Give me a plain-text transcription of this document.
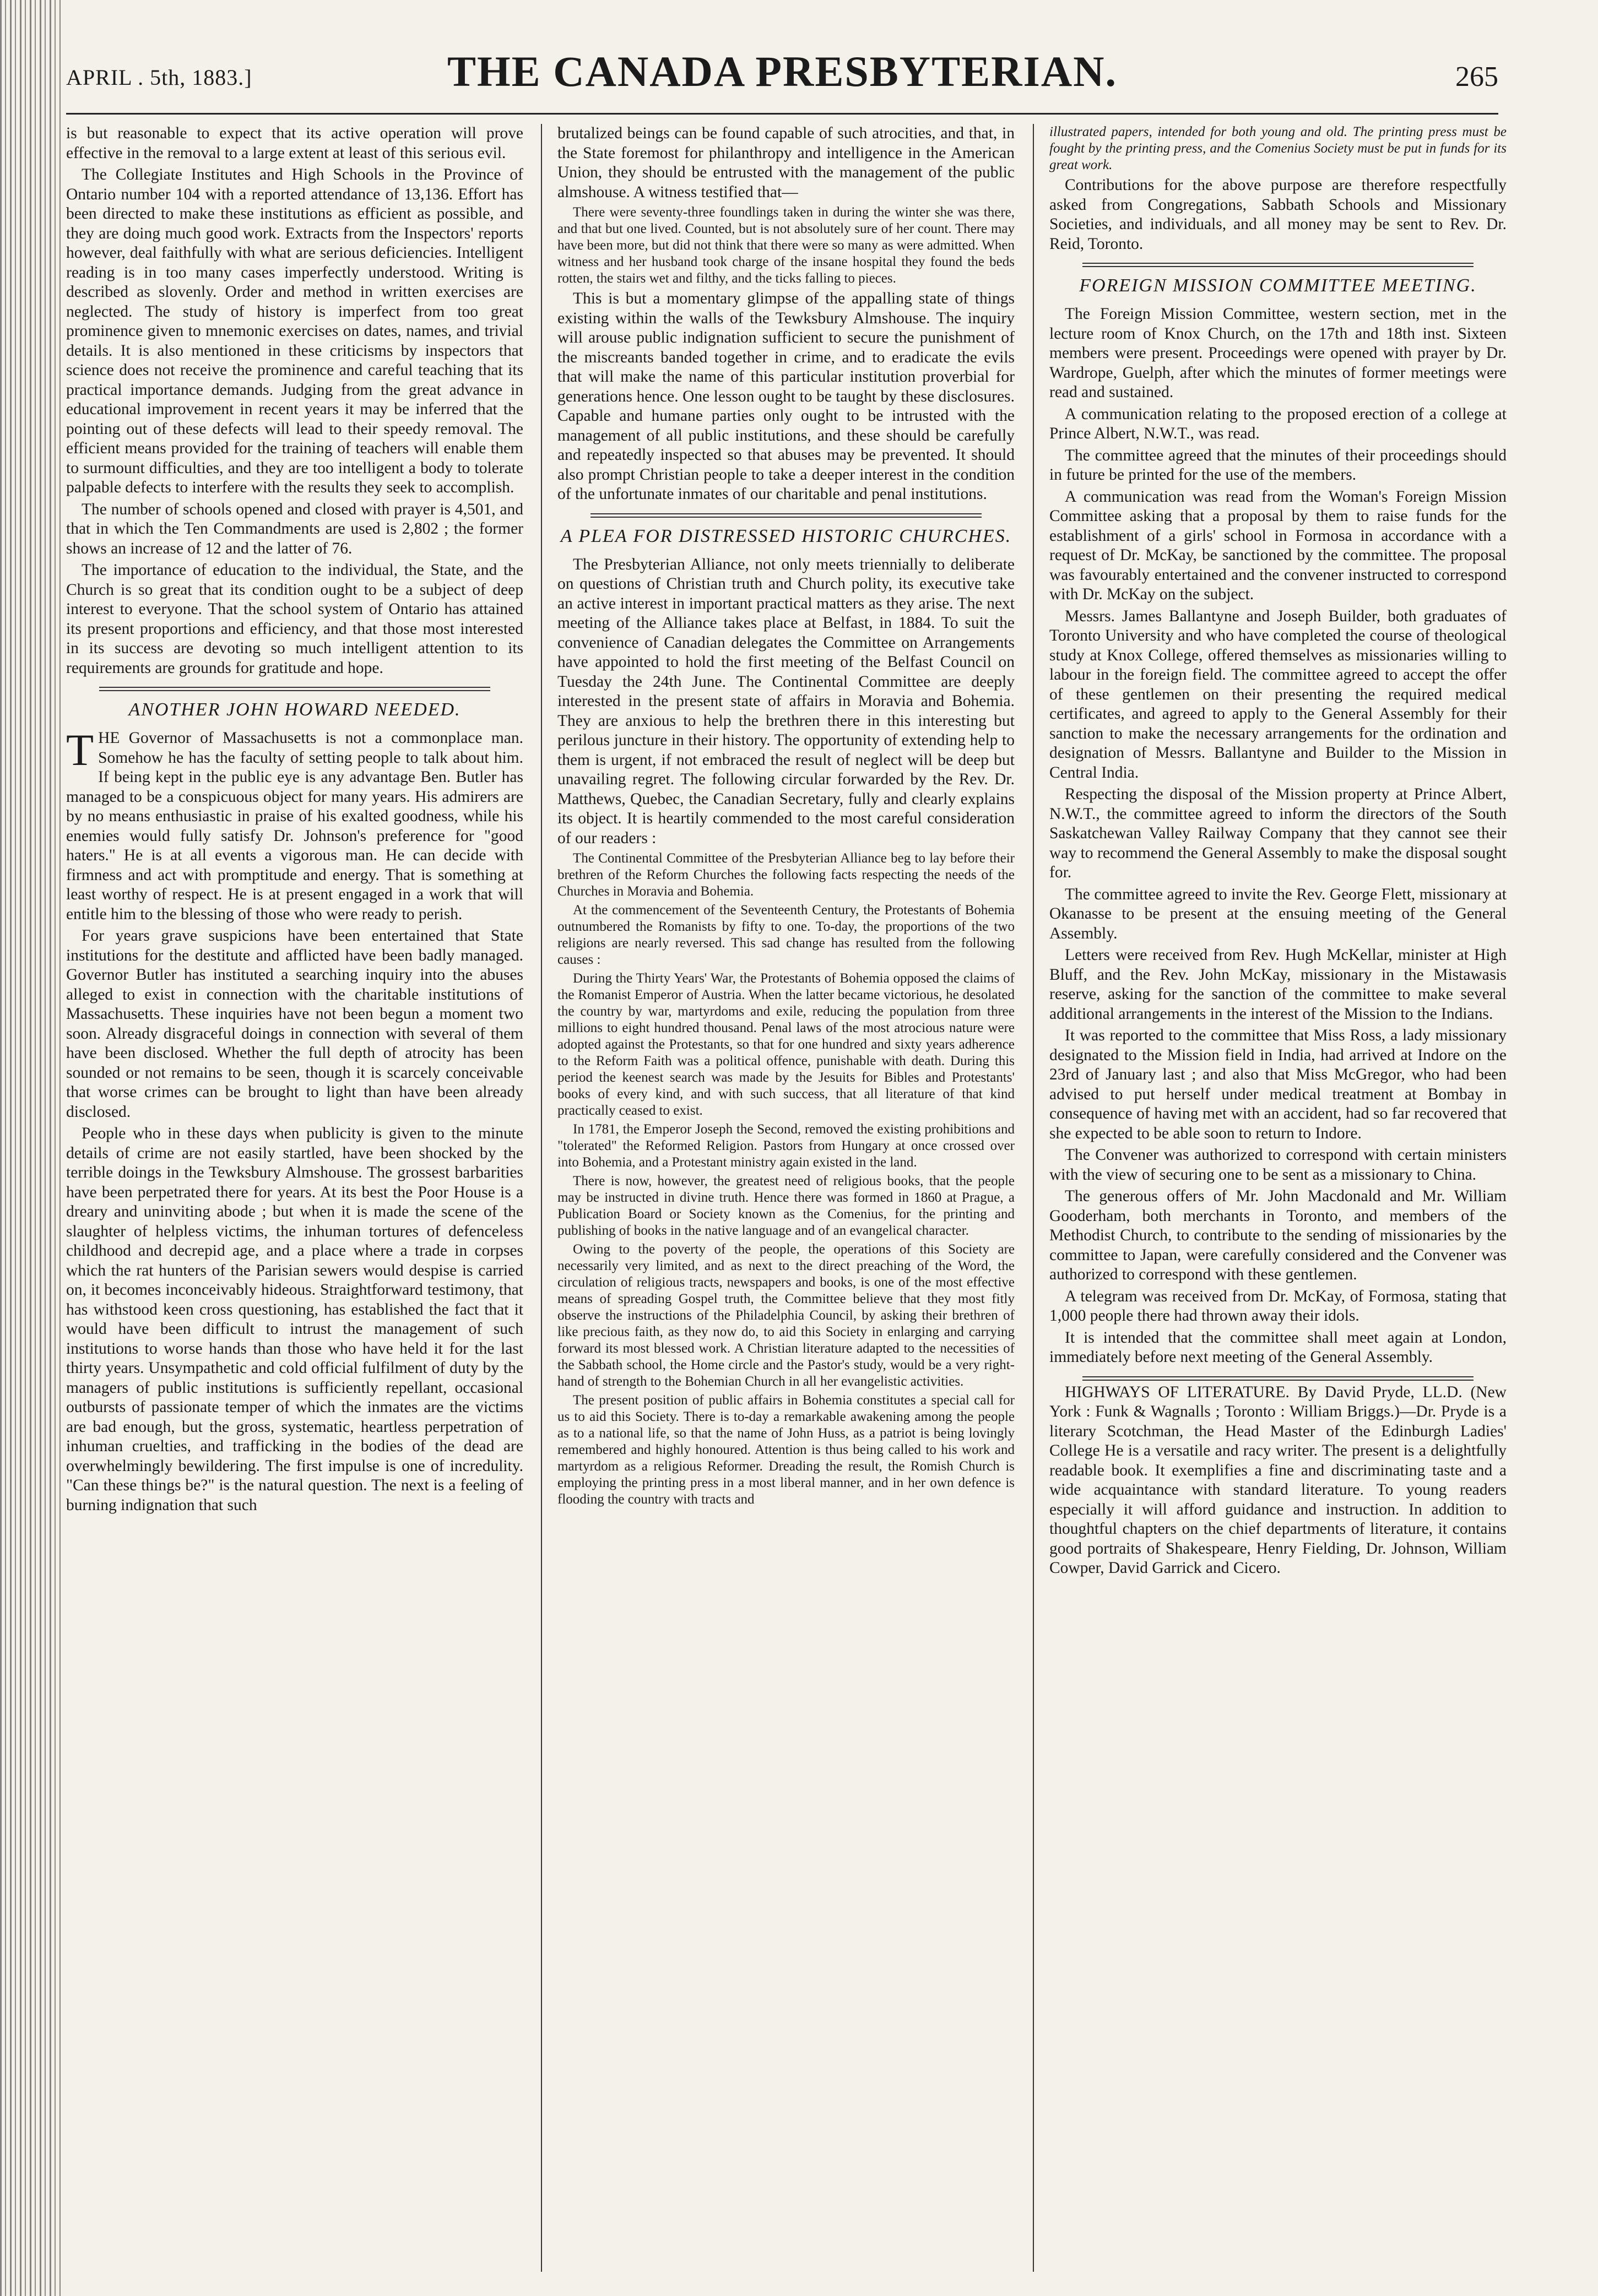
APRIL . 5th, 1883.]	THE CANADA PRESBYTERIAN.	265

is but reasonable to expect that its active operation will prove effective in the removal to a large extent at least of this serious evil.

The Collegiate Institutes and High Schools in the Province of Ontario number 104 with a reported attendance of 13,136. Effort has been directed to make these institutions as efficient as possible, and they are doing much good work. Extracts from the Inspectors' reports however, deal faithfully with what are serious deficiencies. Intelligent reading is in too many cases imperfectly understood. Writing is described as slovenly. Order and method in written exercises are neglected. The study of history is imperfect from too great prominence given to mnemonic exercises on dates, names, and trivial details. It is also mentioned in these criticisms by inspectors that science does not receive the prominence and careful teaching that its practical importance demands. Judging from the great advance in educational improvement in recent years it may be inferred that the pointing out of these defects will lead to their speedy removal. The efficient means provided for the training of teachers will enable them to surmount difficulties, and they are too intelligent a body to tolerate palpable defects to interfere with the results they seek to accomplish.

The number of schools opened and closed with prayer is 4,501, and that in which the Ten Commandments are used is 2,802 ; the former shows an increase of 12 and the latter of 76.

The importance of education to the individual, the State, and the Church is so great that its condition ought to be a subject of deep interest to everyone. That the school system of Ontario has attained its present proportions and efficiency, and that those most interested in its success are devoting so much intelligent attention to its requirements are grounds for gratitude and hope.

ANOTHER JOHN HOWARD NEEDED.

THE Governor of Massachusetts is not a commonplace man. Somehow he has the faculty of setting people to talk about him. If being kept in the public eye is any advantage Ben. Butler has managed to be a conspicuous object for many years. His admirers are by no means enthusiastic in praise of his exalted goodness, while his enemies would fully satisfy Dr. Johnson's preference for "good haters." He is at all events a vigorous man. He can decide with firmness and act with promptitude and energy. That is something at least worthy of respect. He is at present engaged in a work that will entitle him to the blessing of those who were ready to perish.

For years grave suspicions have been entertained that State institutions for the destitute and afflicted have been badly managed. Governor Butler has instituted a searching inquiry into the abuses alleged to exist in connection with the charitable institutions of Massachusetts. These inquiries have not been begun a moment two soon. Already disgraceful doings in connection with several of them have been disclosed. Whether the full depth of atrocity has been sounded or not remains to be seen, though it is scarcely conceivable that worse crimes can be brought to light than have been already disclosed.

People who in these days when publicity is given to the minute details of crime are not easily startled, have been shocked by the terrible doings in the Tewksbury Almshouse. The grossest barbarities have been perpetrated there for years. At its best the Poor House is a dreary and uninviting abode ; but when it is made the scene of the slaughter of helpless victims, the inhuman tortures of defenceless childhood and decrepid age, and a place where a trade in corpses which the rat hunters of the Parisian sewers would despise is carried on, it becomes inconceivably hideous. Straightforward testimony, that has withstood keen cross questioning, has established the fact that it would have been difficult to intrust the management of such institutions to worse hands than those who have held it for the last thirty years. Unsympathetic and cold official fulfilment of duty by the managers of public institutions is sufficiently repellant, occasional outbursts of passionate temper of which the inmates are the victims are bad enough, but the gross, systematic, heartless perpetration of inhuman cruelties, and trafficking in the bodies of the dead are overwhelmingly bewildering. The first impulse is one of incredulity. "Can these things be?" is the natural question. The next is a feeling of burning indignation that such

brutalized beings can be found capable of such atrocities, and that, in the State foremost for philanthropy and intelligence in the American Union, they should be entrusted with the management of the public almshouse. A witness testified that—

There were seventy-three foundlings taken in during the winter she was there, and that but one lived. Counted, but is not absolutely sure of her count. There may have been more, but did not think that there were so many as were admitted. When witness and her husband took charge of the insane hospital they found the beds rotten, the stairs wet and filthy, and the ticks falling to pieces.

This is but a momentary glimpse of the appalling state of things existing within the walls of the Tewksbury Almshouse. The inquiry will arouse public indignation sufficient to secure the punishment of the miscreants banded together in crime, and to eradicate the evils that will make the name of this particular institution proverbial for generations hence. One lesson ought to be taught by these disclosures. Capable and humane parties only ought to be intrusted with the management of all public institutions, and these should be carefully and repeatedly inspected so that abuses may be prevented. It should also prompt Christian people to take a deeper interest in the condition of the unfortunate inmates of our charitable and penal institutions.

A PLEA FOR DISTRESSED HISTORIC CHURCHES.

The Presbyterian Alliance, not only meets triennially to deliberate on questions of Christian truth and Church polity, its executive take an active interest in important practical matters as they arise. The next meeting of the Alliance takes place at Belfast, in 1884. To suit the convenience of Canadian delegates the Committee on Arrangements have appointed to hold the first meeting of the Belfast Council on Tuesday the 24th June. The Continental Committee are deeply interested in the present state of affairs in Moravia and Bohemia. They are anxious to help the brethren there in this interesting but perilous juncture in their history. The opportunity of extending help to them is urgent, if not embraced the result of neglect will be deep but unavailing regret. The following circular forwarded by the Rev. Dr. Matthews, Quebec, the Canadian Secretary, fully and clearly explains its object. It is heartily commended to the most careful consideration of our readers :

The Continental Committee of the Presbyterian Alliance beg to lay before their brethren of the Reform Churches the following facts respecting the needs of the Churches in Moravia and Bohemia.

At the commencement of the Seventeenth Century, the Protestants of Bohemia outnumbered the Romanists by fifty to one. To-day, the proportions of the two religions are nearly reversed. This sad change has resulted from the following causes :

During the Thirty Years' War, the Protestants of Bohemia opposed the claims of the Romanist Emperor of Austria. When the latter became victorious, he desolated the country by war, martyrdoms and exile, reducing the population from three millions to eight hundred thousand. Penal laws of the most atrocious nature were adopted against the Protestants, so that for one hundred and sixty years adherence to the Reform Faith was a political offence, punishable with death. During this period the keenest search was made by the Jesuits for Bibles and Protestants' books of every kind, and with such success, that all literature of that kind practically ceased to exist.

In 1781, the Emperor Joseph the Second, removed the existing prohibitions and "tolerated" the Reformed Religion. Pastors from Hungary at once crossed over into Bohemia, and a Protestant ministry again existed in the land.

There is now, however, the greatest need of religious books, that the people may be instructed in divine truth. Hence there was formed in 1860 at Prague, a Publication Board or Society known as the Comenius, for the printing and publishing of books in the native language and of an evangelical character.

Owing to the poverty of the people, the operations of this Society are necessarily very limited, and as next to the direct preaching of the Word, the circulation of religious tracts, newspapers and books, is one of the most effective means of spreading Gospel truth, the Committee believe that they most fitly observe the instructions of the Philadelphia Council, by asking their brethren of like precious faith, as they now do, to aid this Society in enlarging and carrying forward its most blessed work. A Christian literature adapted to the necessities of the Sabbath school, the Home circle and the Pastor's study, would be a very right-hand of strength to the Bohemian Church in all her evangelistic activities.

The present position of public affairs in Bohemia constitutes a special call for us to aid this Society. There is to-day a remarkable awakening among the people as to a national life, so that the name of John Huss, as a patriot is being lovingly remembered and highly honoured. Attention is thus being called to his work and martyrdom as a religious Reformer. Dreading the result, the Romish Church is employing the printing press in a most liberal manner, and in her own defence is flooding the country with tracts and

illustrated papers, intended for both young and old. The printing press must be fought by the printing press, and the Comenius Society must be put in funds for its great work.

Contributions for the above purpose are therefore respectfully asked from Congregations, Sabbath Schools and Missionary Societies, and individuals, and all money may be sent to Rev. Dr. Reid, Toronto.

FOREIGN MISSION COMMITTEE MEETING.

The Foreign Mission Committee, western section, met in the lecture room of Knox Church, on the 17th and 18th inst. Sixteen members were present. Proceedings were opened with prayer by Dr. Wardrope, Guelph, after which the minutes of former meetings were read and sustained.

A communication relating to the proposed erection of a college at Prince Albert, N.W.T., was read.

The committee agreed that the minutes of their proceedings should in future be printed for the use of the members.

A communication was read from the Woman's Foreign Mission Committee asking that a proposal by them to raise funds for the establishment of a girls' school in Formosa in accordance with a request of Dr. McKay, be sanctioned by the committee. The proposal was favourably entertained and the convener instructed to correspond with Dr. McKay on the subject.

Messrs. James Ballantyne and Joseph Builder, both graduates of Toronto University and who have completed the course of theological study at Knox College, offered themselves as missionaries willing to labour in the foreign field. The committee agreed to accept the offer of these gentlemen on their presenting the required medical certificates, and agreed to apply to the General Assembly for their sanction to make the necessary arrangements for the ordination and designation of Messrs. Ballantyne and Builder to the Mission in Central India.

Respecting the disposal of the Mission property at Prince Albert, N.W.T., the committee agreed to inform the directors of the South Saskatchewan Valley Railway Company that they cannot see their way to recommend the General Assembly to make the disposal sought for.

The committee agreed to invite the Rev. George Flett, missionary at Okanasse to be present at the ensuing meeting of the General Assembly.

Letters were received from Rev. Hugh McKellar, minister at High Bluff, and the Rev. John McKay, missionary in the Mistawasis reserve, asking for the sanction of the committee to make several additional arrangements in the interest of the Mission to the Indians.

It was reported to the committee that Miss Ross, a lady missionary designated to the Mission field in India, had arrived at Indore on the 23rd of January last ; and also that Miss McGregor, who had been advised to put herself under medical treatment at Bombay in consequence of having met with an accident, had so far recovered that she expected to be able soon to return to Indore.

The Convener was authorized to correspond with certain ministers with the view of securing one to be sent as a missionary to China.

The generous offers of Mr. John Macdonald and Mr. William Gooderham, both merchants in Toronto, and members of the Methodist Church, to contribute to the sending of missionaries by the committee to Japan, were carefully considered and the Convener was authorized to correspond with these gentlemen.

A telegram was received from Dr. McKay, of Formosa, stating that 1,000 people there had thrown away their idols.

It is intended that the committee shall meet again at London, immediately before next meeting of the General Assembly.

HIGHWAYS OF LITERATURE. By David Pryde, LL.D. (New York : Funk & Wagnalls ; Toronto : William Briggs.)—Dr. Pryde is a literary Scotchman, the Head Master of the Edinburgh Ladies' College He is a versatile and racy writer. The present is a delightfully readable book. It exemplifies a fine and discriminating taste and a wide acquaintance with standard literature. To young readers especially it will afford guidance and instruction. In addition to thoughtful chapters on the chief departments of literature, it contains good portraits of Shakespeare, Henry Fielding, Dr. Johnson, William Cowper, David Garrick and Cicero.
